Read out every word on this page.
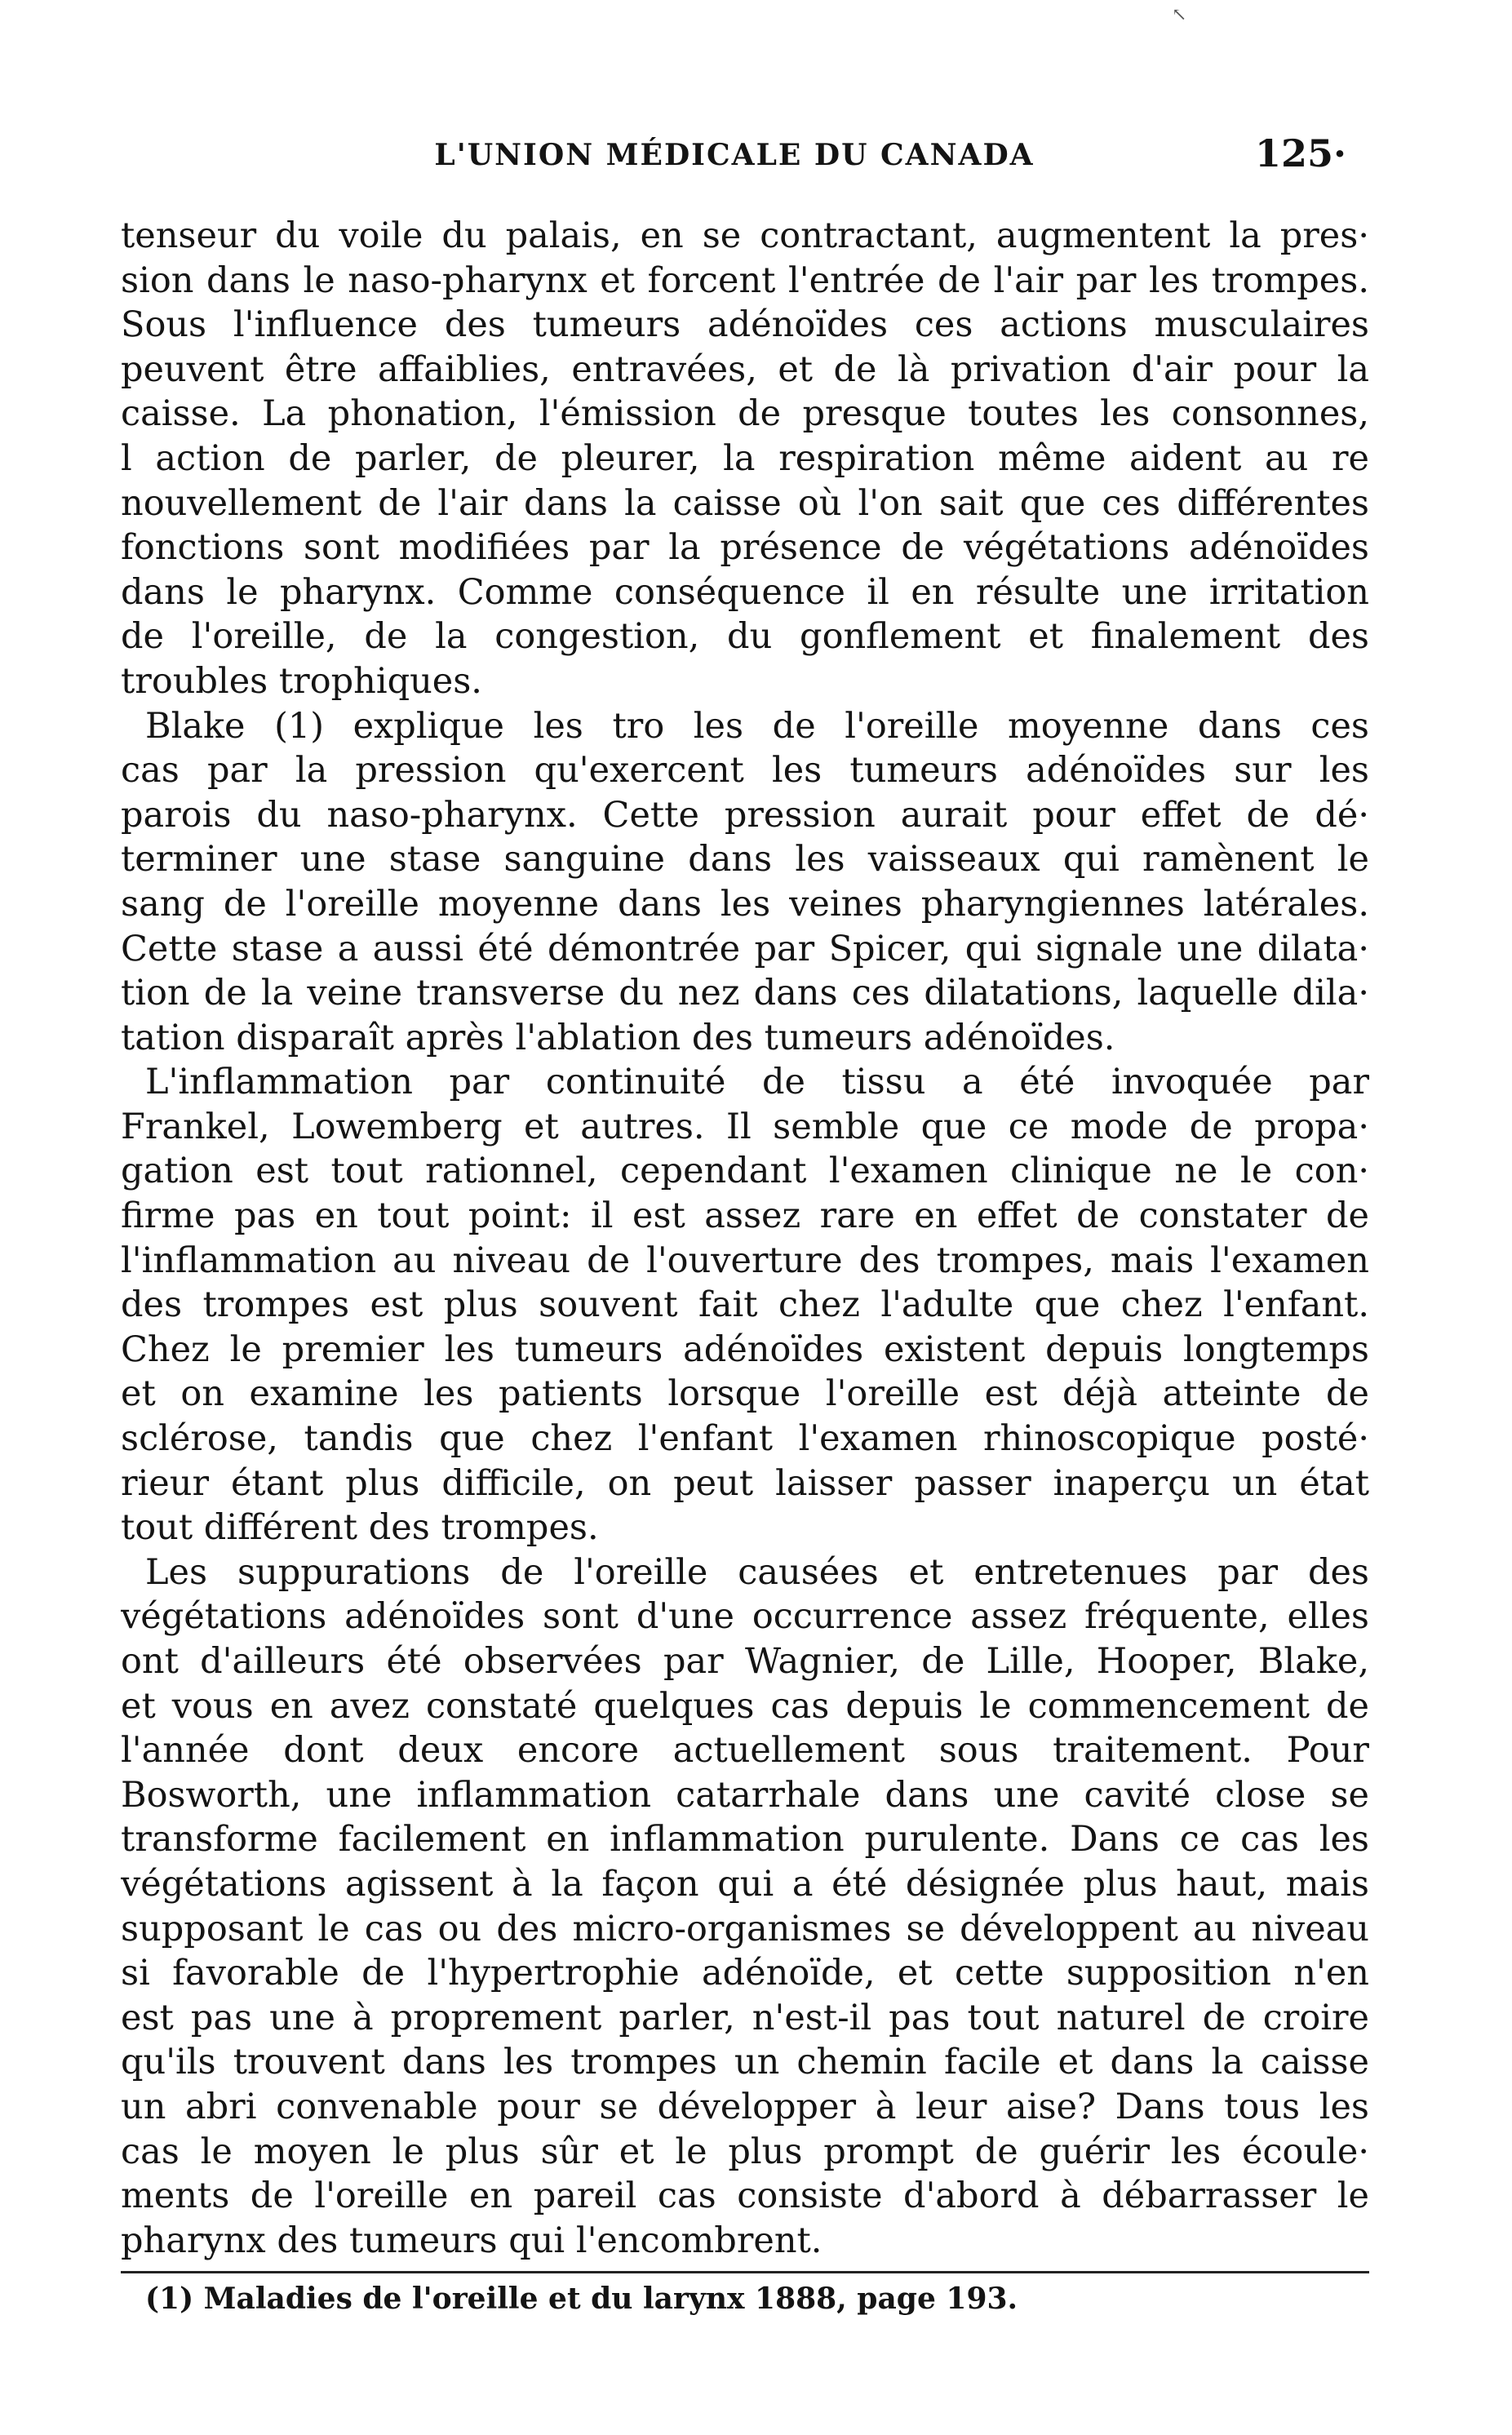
↖
L'UNION MÉDICALE DU CANADA	125·
tenseur du voile du palais, en se contractant, augmentent la pres·
sion dans le naso-pharynx et forcent l'entrée de l'air par les trompes.
Sous l'influence des tumeurs adénoïdes ces actions musculaires
peuvent être affaiblies, entravées, et de là privation d'air pour la
caisse. La phonation, l'émission de presque toutes les consonnes,
l action de parler, de pleurer, la respiration même aident au re
nouvellement de l'air dans la caisse où l'on sait que ces différentes
fonctions sont modifiées par la présence de végétations adénoïdes
dans le pharynx. Comme conséquence il en résulte une irritation
de l'oreille, de la congestion, du gonflement et finalement des
troubles trophiques.
Blake (1) explique les tro les de l'oreille moyenne dans ces
cas par la pression qu'exercent les tumeurs adénoïdes sur les
parois du naso-pharynx. Cette pression aurait pour effet de dé·
terminer une stase sanguine dans les vaisseaux qui ramènent le
sang de l'oreille moyenne dans les veines pharyngiennes latérales.
Cette stase a aussi été démontrée par Spicer, qui signale une dilata·
tion de la veine transverse du nez dans ces dilatations, laquelle dila·
tation disparaît après l'ablation des tumeurs adénoïdes.
L'inflammation par continuité de tissu a été invoquée par
Frankel, Lowemberg et autres. Il semble que ce mode de propa·
gation est tout rationnel, cependant l'examen clinique ne le con·
firme pas en tout point: il est assez rare en effet de constater de
l'inflammation au niveau de l'ouverture des trompes, mais l'examen
des trompes est plus souvent fait chez l'adulte que chez l'enfant.
Chez le premier les tumeurs adénoïdes existent depuis longtemps
et on examine les patients lorsque l'oreille est déjà atteinte de
sclérose, tandis que chez l'enfant l'examen rhinoscopique posté·
rieur étant plus difficile, on peut laisser passer inaperçu un état
tout différent des trompes.
Les suppurations de l'oreille causées et entretenues par des
végétations adénoïdes sont d'une occurrence assez fréquente, elles
ont d'ailleurs été observées par Wagnier, de Lille, Hooper, Blake,
et vous en avez constaté quelques cas depuis le commencement de
l'année dont deux encore actuellement sous traitement. Pour
Bosworth, une inflammation catarrhale dans une cavité close se
transforme facilement en inflammation purulente. Dans ce cas les
végétations agissent à la façon qui a été désignée plus haut, mais
supposant le cas ou des micro-organismes se développent au niveau
si favorable de l'hypertrophie adénoïde, et cette supposition n'en
est pas une à proprement parler, n'est-il pas tout naturel de croire
qu'ils trouvent dans les trompes un chemin facile et dans la caisse
un abri convenable pour se développer à leur aise? Dans tous les
cas le moyen le plus sûr et le plus prompt de guérir les écoule·
ments de l'oreille en pareil cas consiste d'abord à débarrasser le
pharynx des tumeurs qui l'encombrent.
(1) Maladies de l'oreille et du larynx 1888, page 193.
